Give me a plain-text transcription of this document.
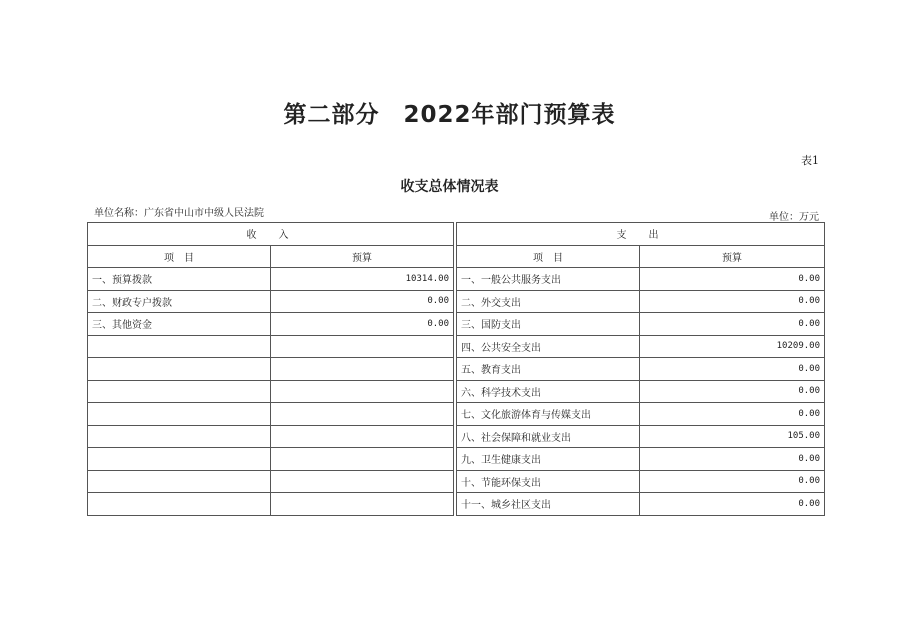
第二部分　2022年部门预算表
表1
收支总体情况表
单位名称：广东省中山市中级人民法院	单位：万元
收　入			支　出	
项　目	预算		项　目	预算
一、预算拨款	10314.00		一、一般公共服务支出	0.00
二、财政专户拨款	0.00		二、外交支出	0.00
三、其他资金	0.00		三、国防支出	0.00
			四、公共安全支出	10209.00
			五、教育支出	0.00
			六、科学技术支出	0.00
			七、文化旅游体育与传媒支出	0.00
			八、社会保障和就业支出	105.00
			九、卫生健康支出	0.00
			十、节能环保支出	0.00
			十一、城乡社区支出	0.00
